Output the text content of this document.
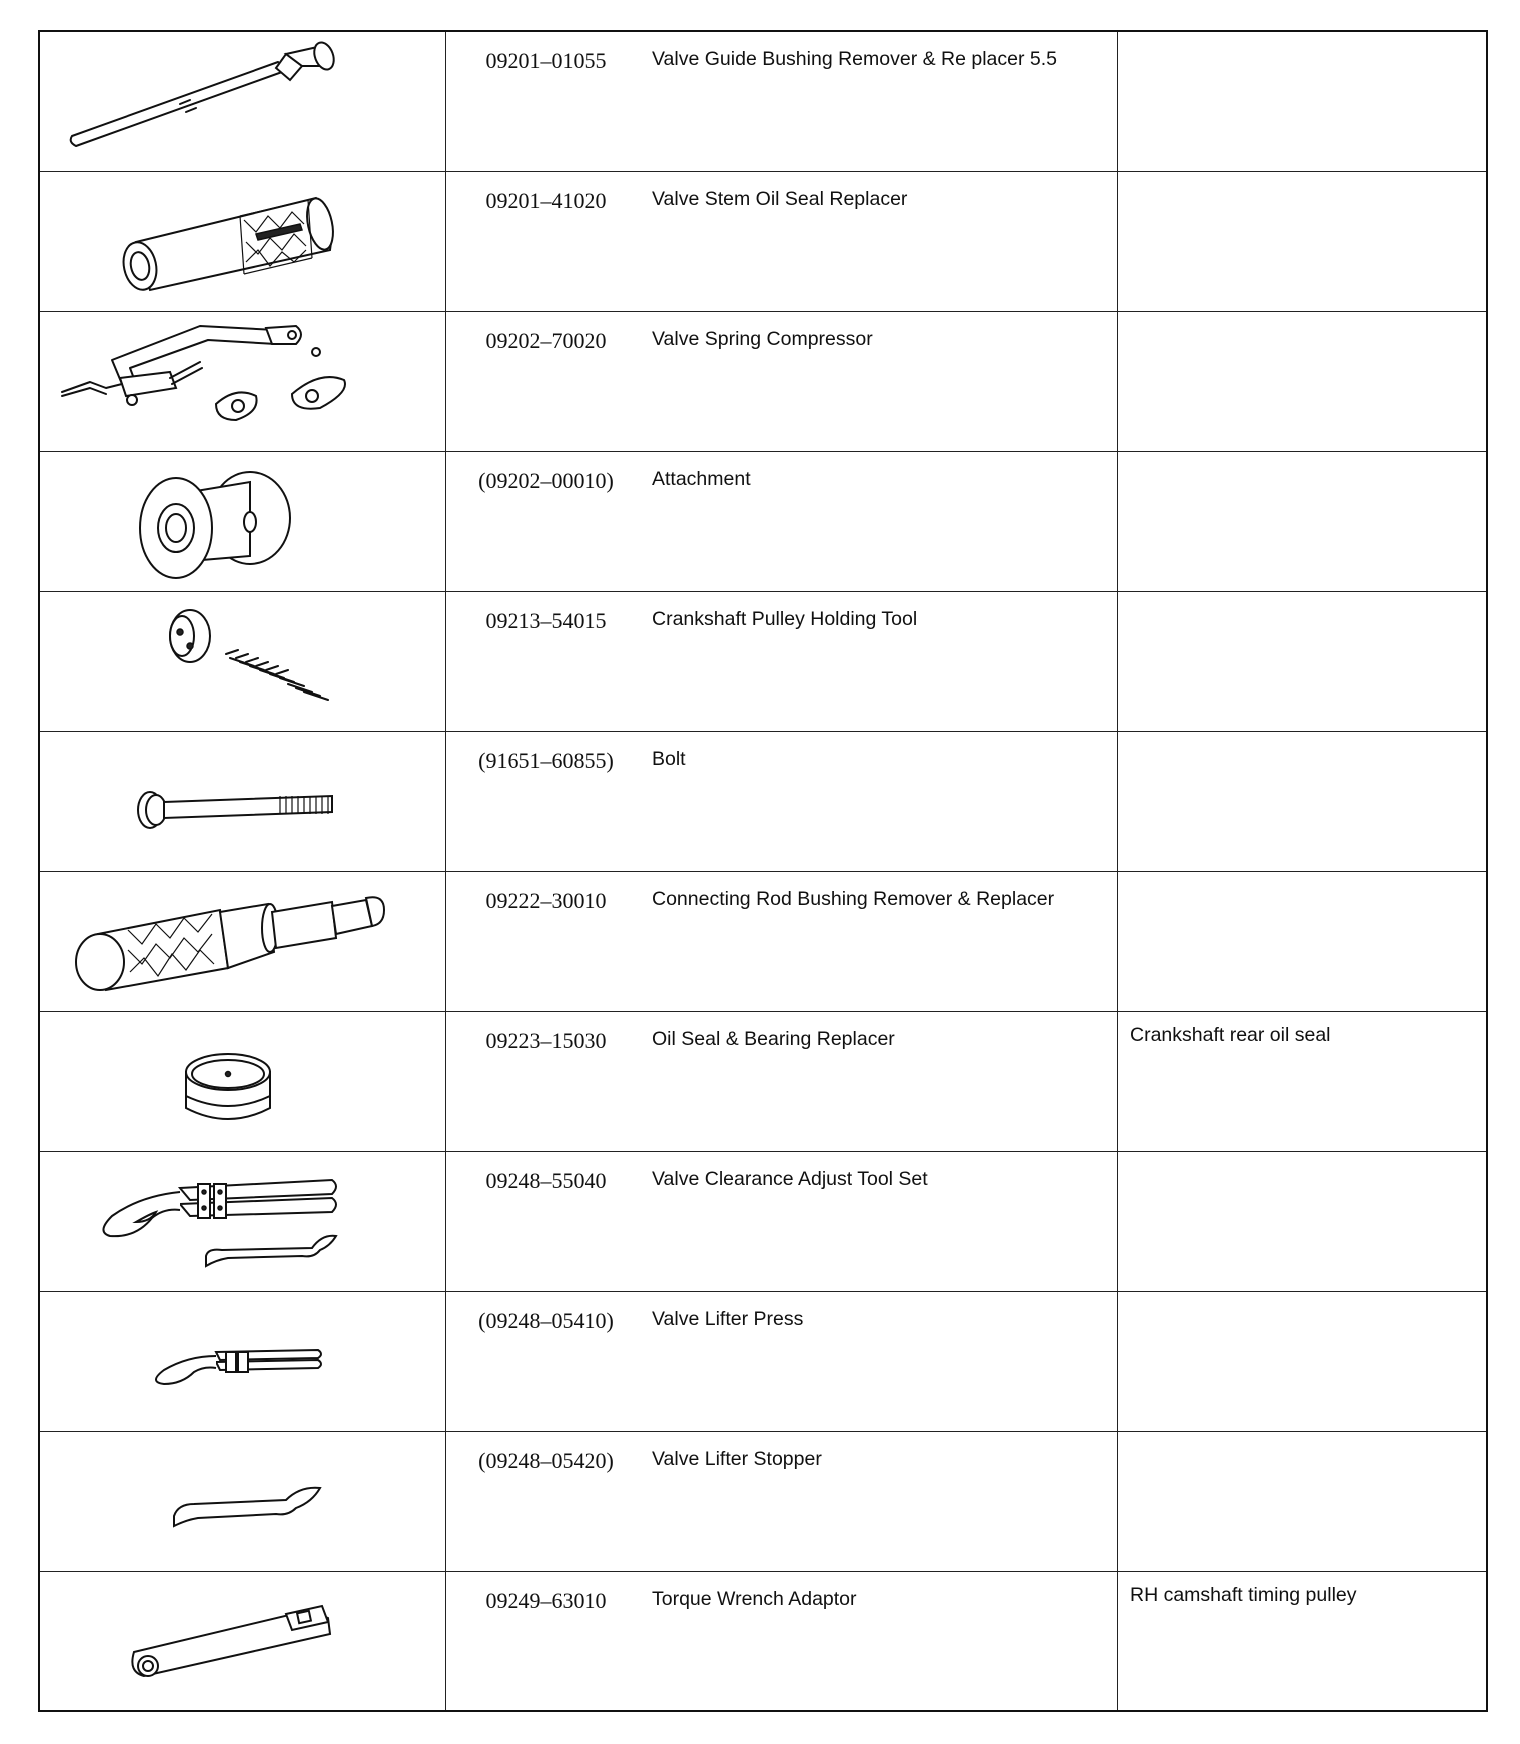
	09201–01055	Valve Guide Bushing Remover & Re placer 5.5	

	09201–41020	Valve Stem Oil Seal Replacer	

	09202–70020	Valve Spring Compressor	

	(09202–00010)	Attachment	

	09213–54015	Crankshaft Pulley Holding Tool	

	(91651–60855)	Bolt	

	09222–30010	Connecting Rod Bushing Remover & Replacer	

	09223–15030	Oil Seal & Bearing Replacer	Crankshaft rear oil seal

	09248–55040	Valve Clearance Adjust Tool Set	

	(09248–05410)	Valve Lifter Press	

	(09248–05420)	Valve Lifter Stopper	

	09249–63010	Torque Wrench Adaptor	RH camshaft timing pulley
